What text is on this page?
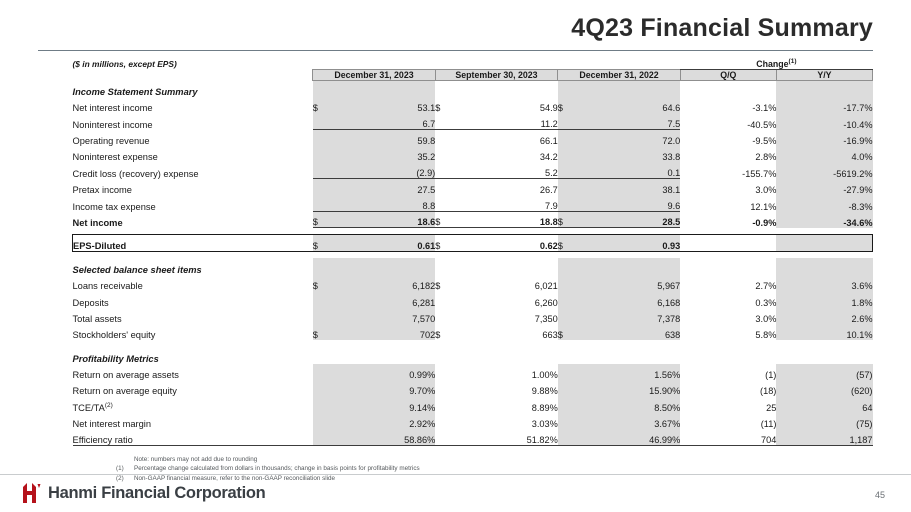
4Q23 Financial Summary
($ in millions, except EPS)							Change$^{(1)}$
	December 31, 2023		September 30, 2023		December 31, 2022		Q/Q	Y/Y
Income Statement Summary								
Net interest income	$	53.1	$	54.9	$	64.6	-3.1%	-17.7%
Noninterest income		6.7		11.2		7.5	-40.5%	-10.4%
Operating revenue		59.8		66.1		72.0	-9.5%	-16.9%
Noninterest expense		35.2		34.2		33.8	2.8%	4.0%
Credit loss (recovery) expense		(2.9)		5.2		0.1	-155.7%	-5619.2%
Pretax income		27.5		26.7		38.1	3.0%	-27.9%
Income tax expense		8.8		7.9		9.6	12.1%	-8.3%
Net income	$	18.6	$	18.8	$	28.5	-0.9%	-34.6%

EPS-Diluted	$	0.61	$	0.62	$	0.93		

Selected balance sheet items								
Loans receivable	$	6,182	$	6,021		5,967	2.7%	3.6%
Deposits		6,281		6,260		6,168	0.3%	1.8%
Total assets		7,570		7,350		7,378	3.0%	2.6%
Stockholders' equity	$	702	$	663	$	638	5.8%	10.1%

Profitability Metrics								
Return on average assets		0.99%		1.00%		1.56%	(1)	(57)
Return on average equity		9.70%		9.88%		15.90%	(18)	(620)
TCE/TA$^{(2)}$		9.14%		8.89%		8.50%	25	64
Net interest margin		2.92%		3.03%		3.67%	(11)	(75)
Efficiency ratio		58.86%		51.82%		46.99%	704	1,187

Note: numbers may not add due to rounding
(1)	Percentage change calculated from dollars in thousands; change in basis points for profitability metrics
(2)	Non-GAAP financial measure, refer to the non-GAAP reconciliation slide
Hanmi Financial Corporation	45
